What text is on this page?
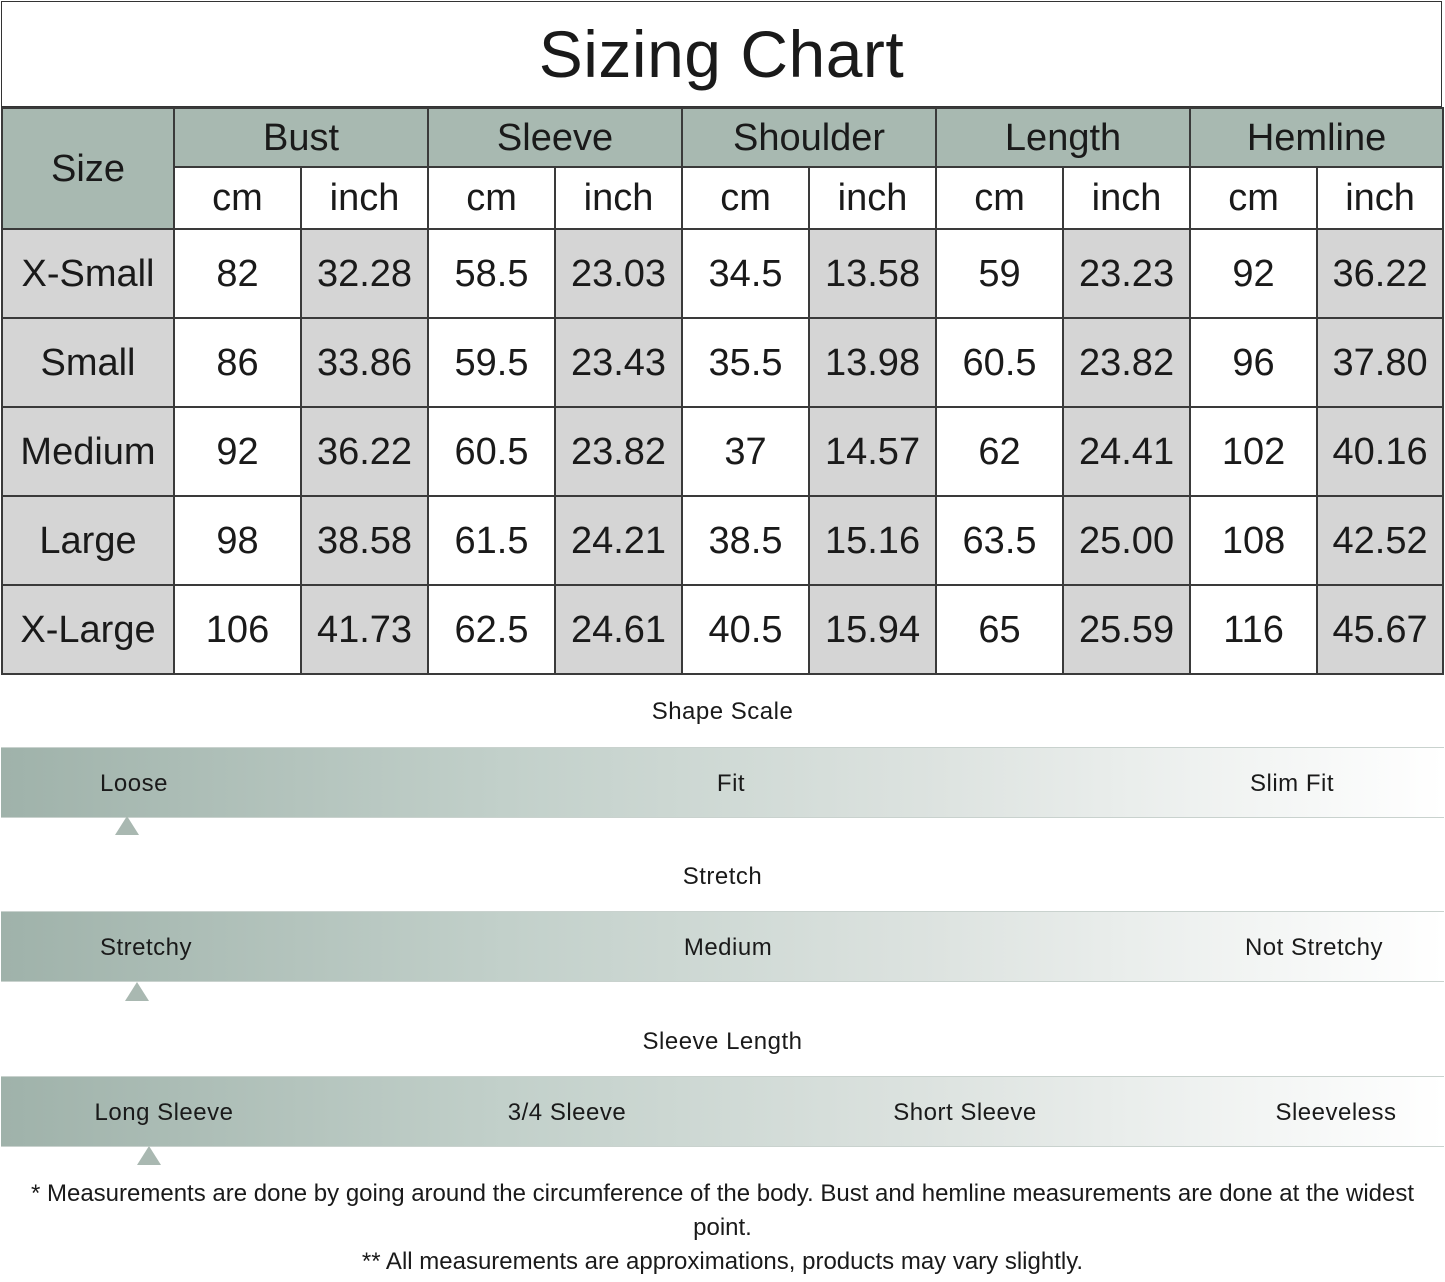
Sizing Chart
Size	Bust		Sleeve		Shoulder		Length		Hemline	
	cm	inch	cm	inch	cm	inch	cm	inch	cm	inch
X-Small	82	32.28	58.5	23.03	34.5	13.58	59	23.23	92	36.22
Small	86	33.86	59.5	23.43	35.5	13.98	60.5	23.82	96	37.80
Medium	92	36.22	60.5	23.82	37	14.57	62	24.41	102	40.16
Large	98	38.58	61.5	24.21	38.5	15.16	63.5	25.00	108	42.52
X-Large	106	41.73	62.5	24.61	40.5	15.94	65	25.59	116	45.67
Shape Scale
Loose	Fit	Slim Fit
Stretch
Stretchy	Medium	Not Stretchy
Sleeve Length
Long Sleeve	3/4 Sleeve	Short Sleeve	Sleeveless

* Measurements are done by going around the circumference of the body. Bust and hemline measurements are done at the widest point.

** All measurements are approximations, products may vary slightly.
